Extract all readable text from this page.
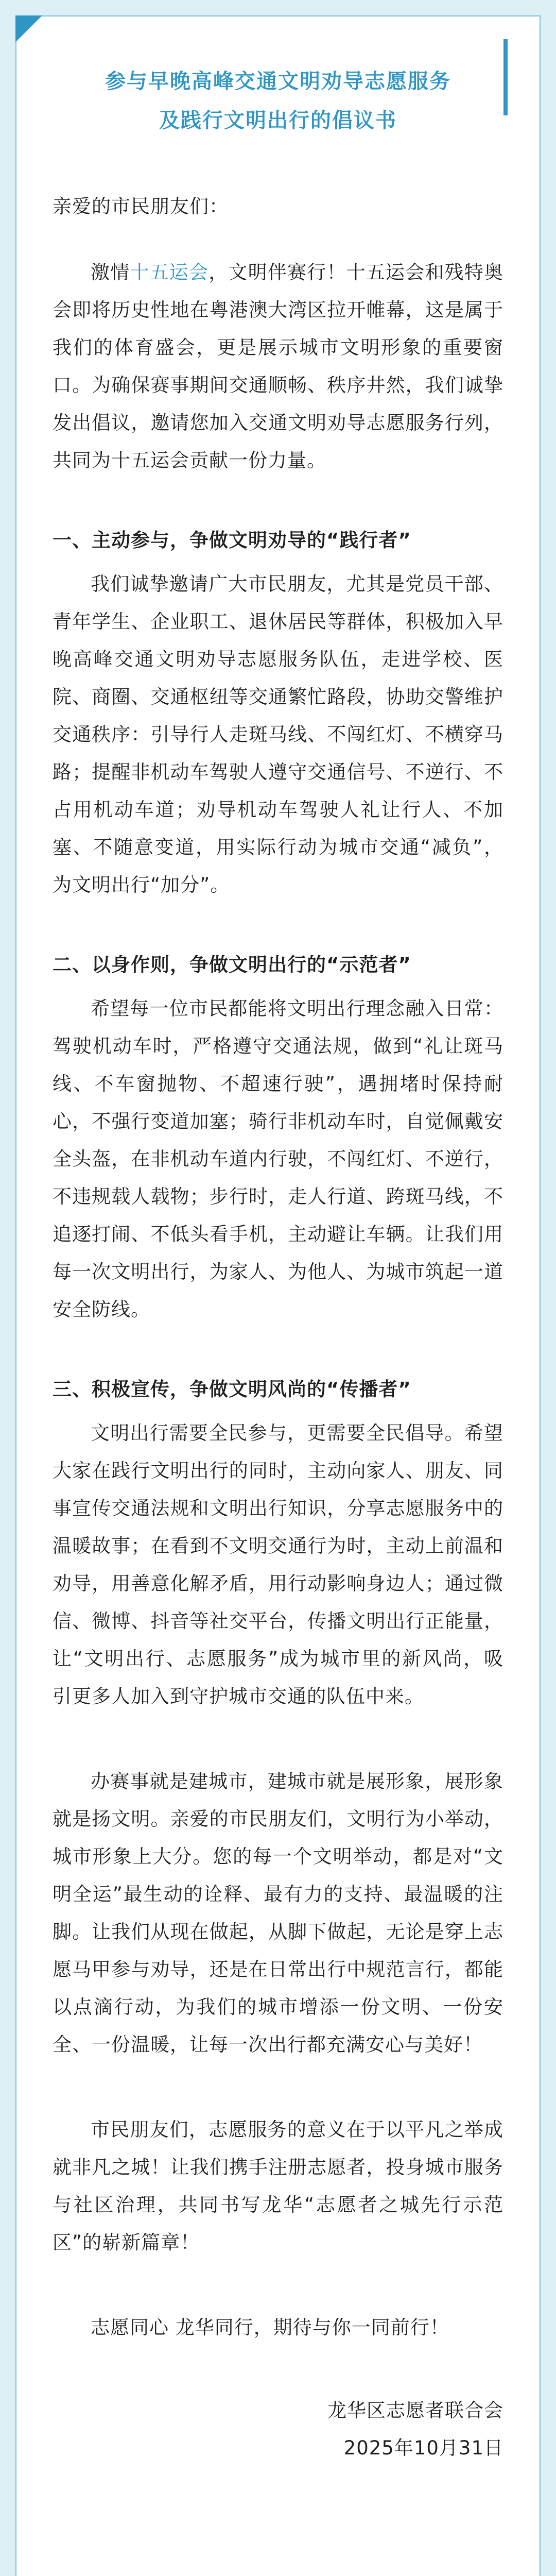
参与早晚高峰交通文明劝导志愿服务
及践行文明出行的倡议书

亲爱的市民朋友们：

激情十五运会，文明伴赛行！十五运会和残特奥会即将历史性地在粤港澳大湾区拉开帷幕，这是属于我们的体育盛会，更是展示城市文明形象的重要窗口。为确保赛事期间交通顺畅、秩序井然，我们诚挚发出倡议，邀请您加入交通文明劝导志愿服务行列，共同为十五运会贡献一份力量。

一、主动参与，争做文明劝导的“践行者”

我们诚挚邀请广大市民朋友，尤其是党员干部、青年学生、企业职工、退休居民等群体，积极加入早晚高峰交通文明劝导志愿服务队伍，走进学校、医院、商圈、交通枢纽等交通繁忙路段，协助交警维护交通秩序：引导行人走斑马线、不闯红灯、不横穿马路；提醒非机动车驾驶人遵守交通信号、不逆行、不占用机动车道；劝导机动车驾驶人礼让行人、不加塞、不随意变道，用实际行动为城市交通“减负”，为文明出行“加分”。

二、以身作则，争做文明出行的“示范者”

希望每一位市民都能将文明出行理念融入日常：驾驶机动车时，严格遵守交通法规，做到“礼让斑马线、不车窗抛物、不超速行驶”，遇拥堵时保持耐心，不强行变道加塞；骑行非机动车时，自觉佩戴安全头盔，在非机动车道内行驶，不闯红灯、不逆行，不违规载人载物；步行时，走人行道、跨斑马线，不追逐打闹、不低头看手机，主动避让车辆。让我们用每一次文明出行，为家人、为他人、为城市筑起一道安全防线。

三、积极宣传，争做文明风尚的“传播者”

文明出行需要全民参与，更需要全民倡导。希望大家在践行文明出行的同时，主动向家人、朋友、同事宣传交通法规和文明出行知识，分享志愿服务中的温暖故事；在看到不文明交通行为时，主动上前温和劝导，用善意化解矛盾，用行动影响身边人；通过微信、微博、抖音等社交平台，传播文明出行正能量，让“文明出行、志愿服务”成为城市里的新风尚，吸引更多人加入到守护城市交通的队伍中来。

办赛事就是建城市，建城市就是展形象，展形象就是扬文明。亲爱的市民朋友们，文明行为小举动，城市形象上大分。您的每一个文明举动，都是对“文明全运”最生动的诠释、最有力的支持、最温暖的注脚。让我们从现在做起，从脚下做起，无论是穿上志愿马甲参与劝导，还是在日常出行中规范言行，都能以点滴行动，为我们的城市增添一份文明、一份安全、一份温暖，让每一次出行都充满安心与美好！

市民朋友们，志愿服务的意义在于以平凡之举成就非凡之城！让我们携手注册志愿者，投身城市服务与社区治理，共同书写龙华“志愿者之城先行示范区”的崭新篇章！

志愿同心 龙华同行，期待与你一同前行！

龙华区志愿者联合会
2025年10月31日
